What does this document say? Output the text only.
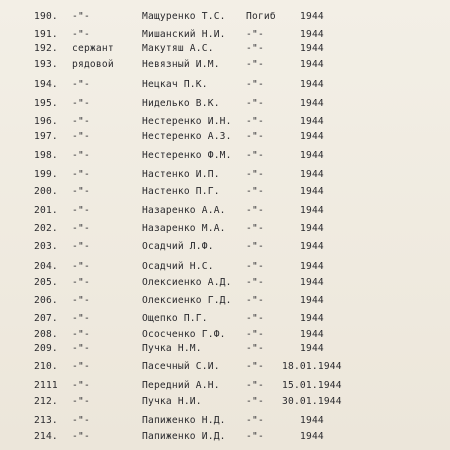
190. -"-	Мащуренко Т.С. Погиб	1944
191. -"-	Мишанский Н.И. -"-	1944
192. сержант	Макутяш А.С.	-"-	1944
193. рядовой	Невязный И.М.	-"-	1944
194. -"-	Нецкач П.К.	-"-	1944
195. -"-	Ниделько В.К.	-"-	1944
196. -"-	Нестеренко И.Н. -"-	1944
197. -"-	Нестеренко А.З. -"-	1944
198. -"-	Нестеренко Ф.М. -"-	1944
199. -"-	Настенко И.П.	-"-	1944
200. -"-	Настенко П.Г.	-"-	1944
201. -"-	Назаренко А.А. -"-	1944
202. -"-	Назаренко М.А. -"-	1944
203. -"-	Осадчий Л.Ф.	-"-	1944
204. -"-	Осадчий Н.С.	-"-	1944
205. -"-	Олексиенко А.Д. -"-	1944
206. -"-	Олексиенко Г.Д. -"-	1944
207. -"-	Ощепко П.Г.	-"-	1944
208. -"-	Ососченко Г.Ф. -"-	1944
209. -"-	Пучка Н.М.	-"-	1944
210. -"-	Пасечный С.И.	-"- 18.01.1944
2111 -"-	Передний А.Н.	-"- 15.01.1944
212. -"-	Пучка Н.И.	-"- 30.01.1944
213. -"-	Папиженко Н.Д. -"-	1944
214. -"-	Папиженко И.Д. -"-	1944
